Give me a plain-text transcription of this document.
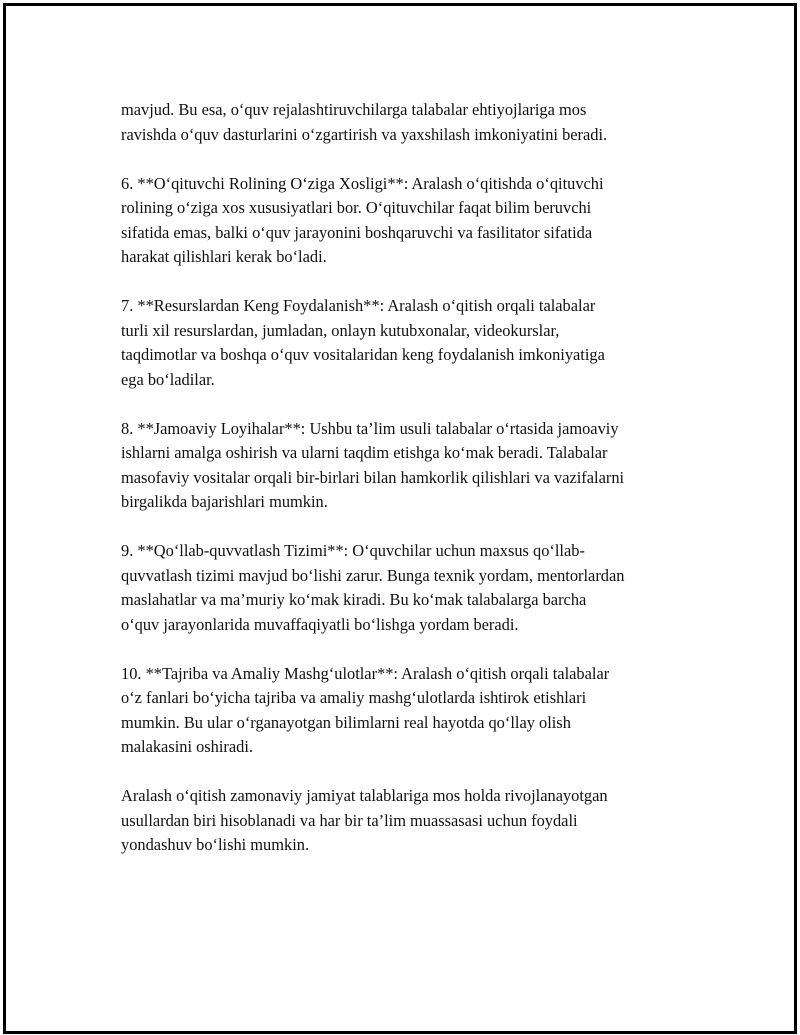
mavjud. Bu esa, o‘quv rejalashtiruvchilarga talabalar ehtiyojlariga mos
ravishda o‘quv dasturlarini o‘zgartirish va yaxshilash imkoniyatini beradi.

6. **O‘qituvchi Rolining O‘ziga Xosligi**: Aralash o‘qitishda o‘qituvchi
rolining o‘ziga xos xususiyatlari bor. O‘qituvchilar faqat bilim beruvchi
sifatida emas, balki o‘quv jarayonini boshqaruvchi va fasilitator sifatida
harakat qilishlari kerak bo‘ladi.

7. **Resurslardan Keng Foydalanish**: Aralash o‘qitish orqali talabalar
turli xil resurslardan, jumladan, onlayn kutubxonalar, videokurslar,
taqdimotlar va boshqa o‘quv vositalaridan keng foydalanish imkoniyatiga
ega bo‘ladilar.

8. **Jamoaviy Loyihalar**: Ushbu ta’lim usuli talabalar o‘rtasida jamoaviy
ishlarni amalga oshirish va ularni taqdim etishga ko‘mak beradi. Talabalar
masofaviy vositalar orqali bir-birlari bilan hamkorlik qilishlari va vazifalarni
birgalikda bajarishlari mumkin.

9. **Qo‘llab-quvvatlash Tizimi**: O‘quvchilar uchun maxsus qo‘llab-
quvvatlash tizimi mavjud bo‘lishi zarur. Bunga texnik yordam, mentorlardan
maslahatlar va ma’muriy ko‘mak kiradi. Bu ko‘mak talabalarga barcha
o‘quv jarayonlarida muvaffaqiyatli bo‘lishga yordam beradi.

10. **Tajriba va Amaliy Mashg‘ulotlar**: Aralash o‘qitish orqali talabalar
o‘z fanlari bo‘yicha tajriba va amaliy mashg‘ulotlarda ishtirok etishlari
mumkin. Bu ular o‘rganayotgan bilimlarni real hayotda qo‘llay olish
malakasini oshiradi.

Aralash o‘qitish zamonaviy jamiyat talablariga mos holda rivojlanayotgan
usullardan biri hisoblanadi va har bir ta’lim muassasasi uchun foydali
yondashuv bo‘lishi mumkin.
